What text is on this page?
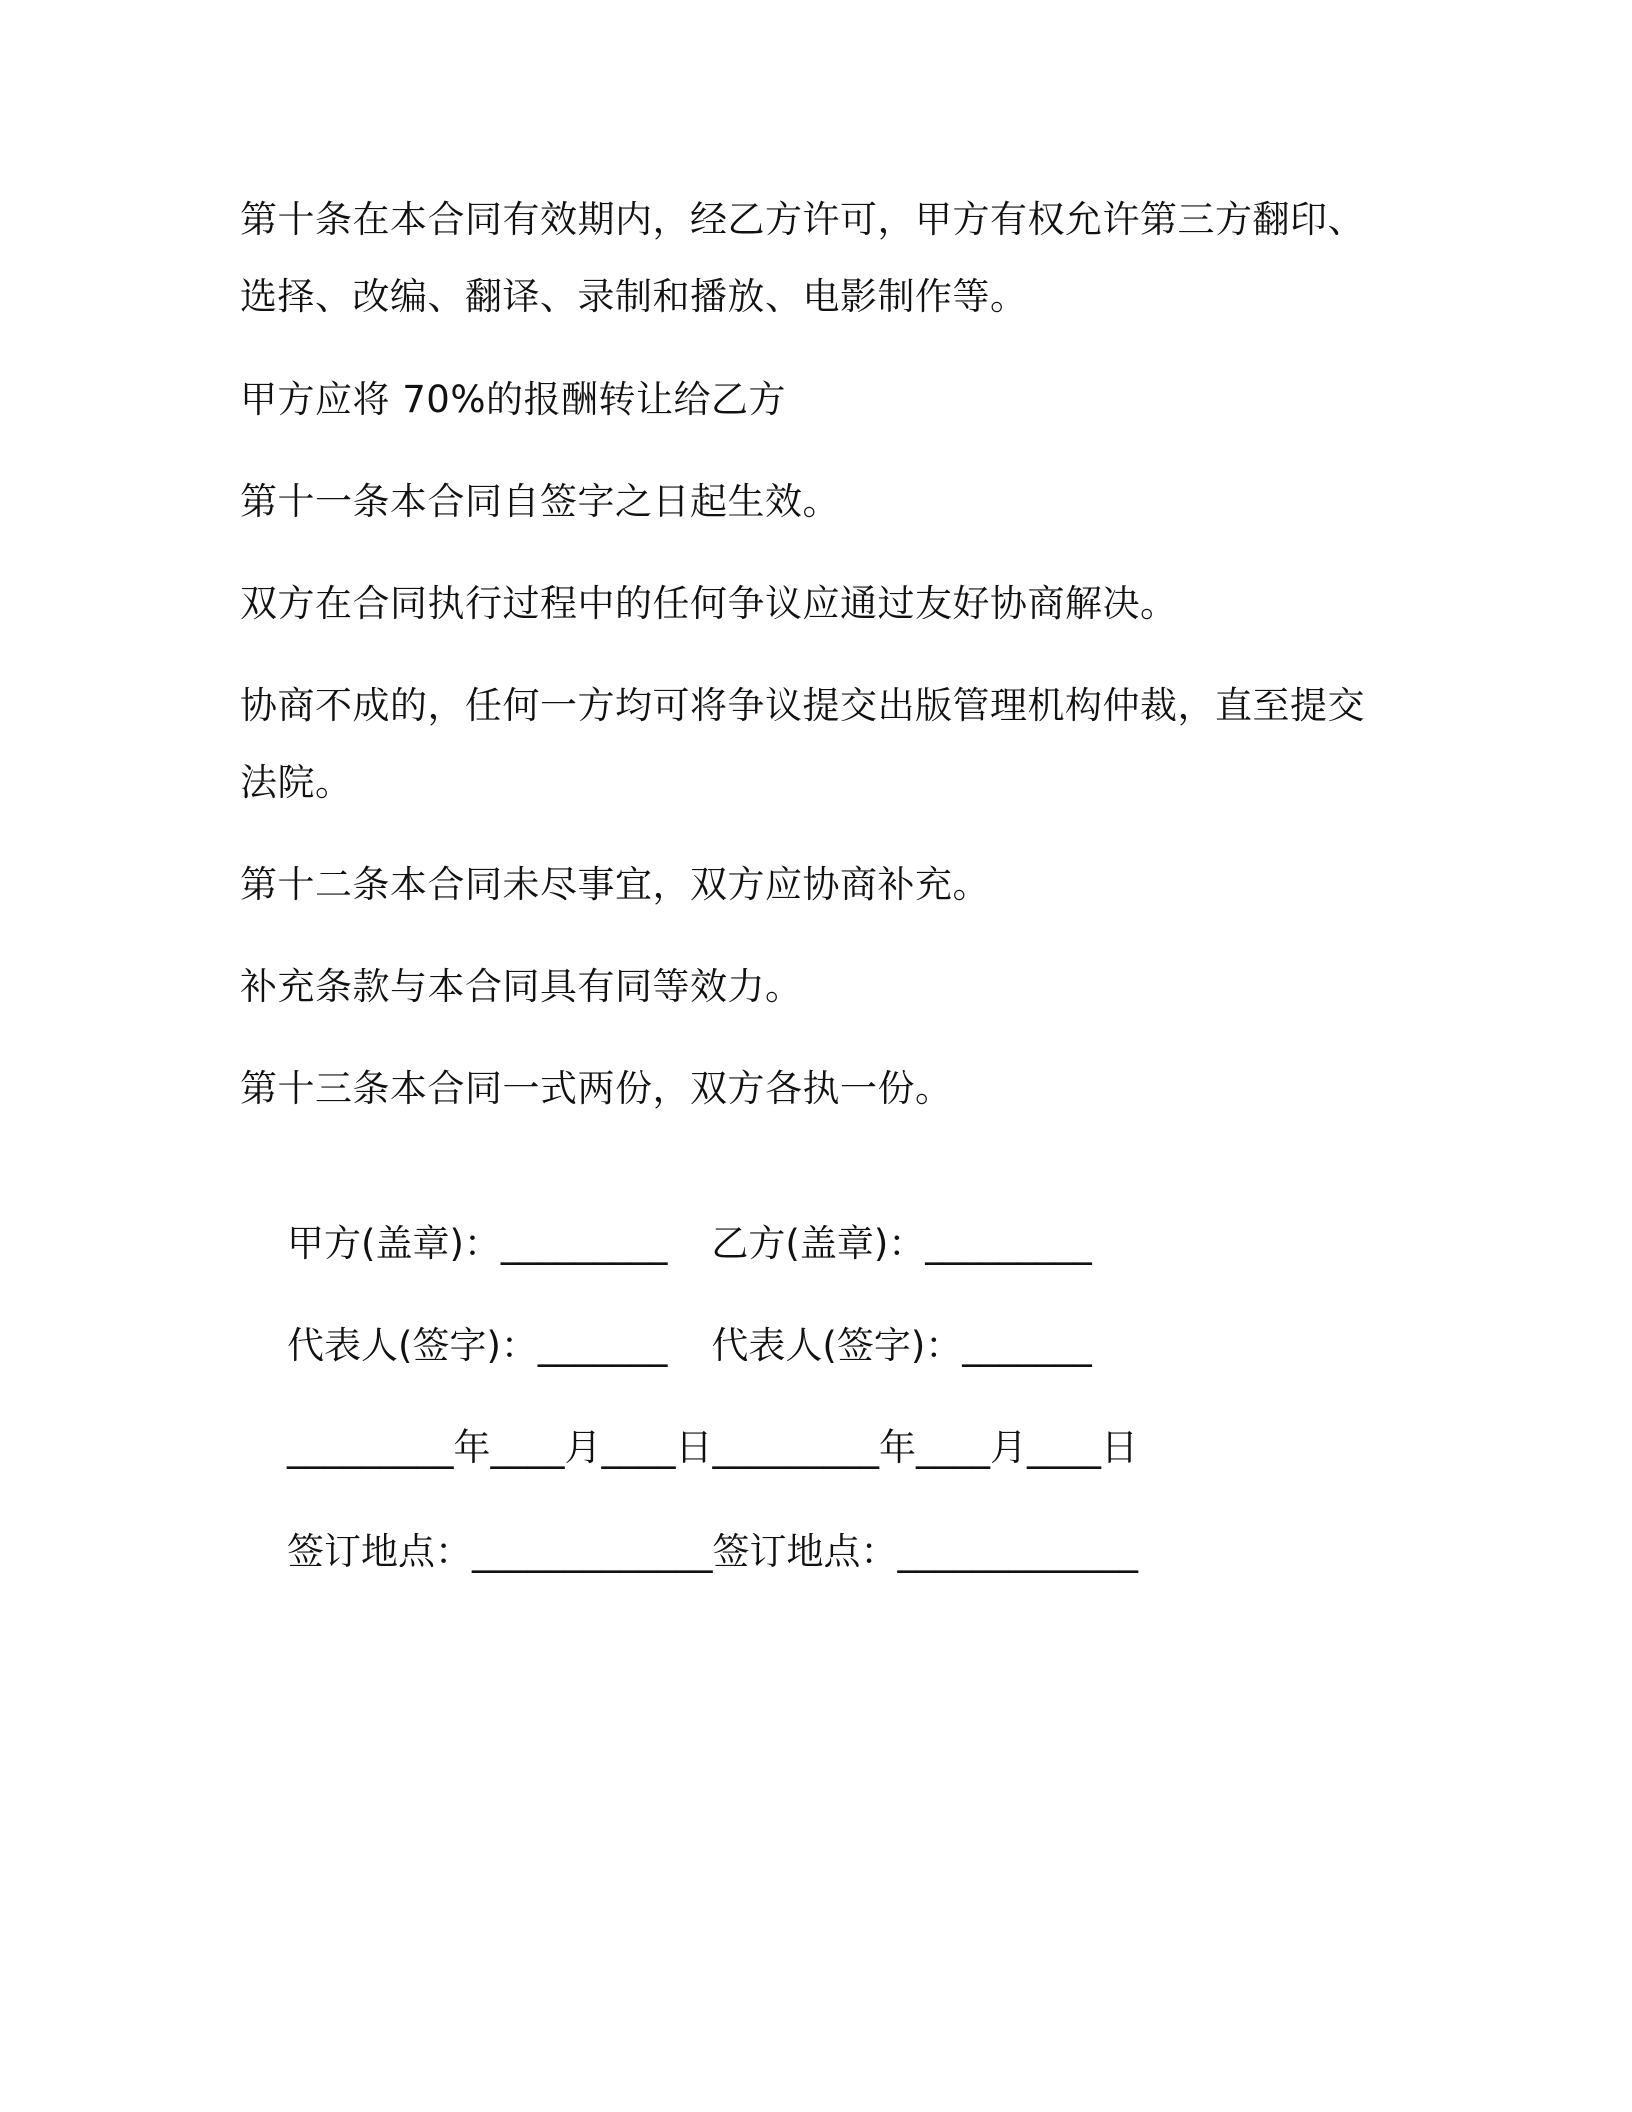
第十条在本合同有效期内，经乙方许可，甲方有权允许第三方翻印、
选择、改编、翻译、录制和播放、电影制作等。
甲方应将 70%的报酬转让给乙方
第十一条本合同自签字之日起生效。
双方在合同执行过程中的任何争议应通过友好协商解决。
协商不成的，任何一方均可将争议提交出版管理机构仲裁，直至提交
法院。
第十二条本合同未尽事宜，双方应协商补充。
补充条款与本合同具有同等效力。
第十三条本合同一式两份，双方各执一份。

甲方(盖章)：_________ 乙方(盖章)：_________

代表人(签字)：_______ 代表人(签字)：_______

_________年____月____日_________年____月____日

签订地点：_____________签订地点：_____________
